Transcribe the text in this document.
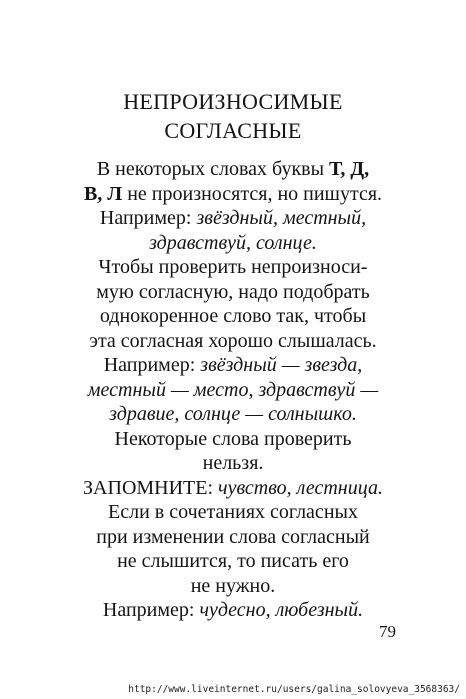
НЕПРОИЗНОСИМЫЕ
СОГЛАСНЫЕ
В некоторых словах буквы Т, Д,
В, Л не произносятся, но пишутся.
Например: звёздный, местный,
здравствуй, солнце.
Чтобы проверить непроизноси-
мую согласную, надо подобрать
однокоренное слово так, чтобы
эта согласная хорошо слышалась.
Например: звёздный — звезда,
местный — место, здравствуй —
здравие, солнце — солнышко.
Некоторые слова проверить
нельзя.
ЗАПОМНИТЕ: чувство, лестница.
Если в сочетаниях согласных
при изменении слова согласный
не слышится, то писать его
не нужно.
Например: чудесно, любезный.
79
http://www.liveinternet.ru/users/galina_solovyeva_3568363/
